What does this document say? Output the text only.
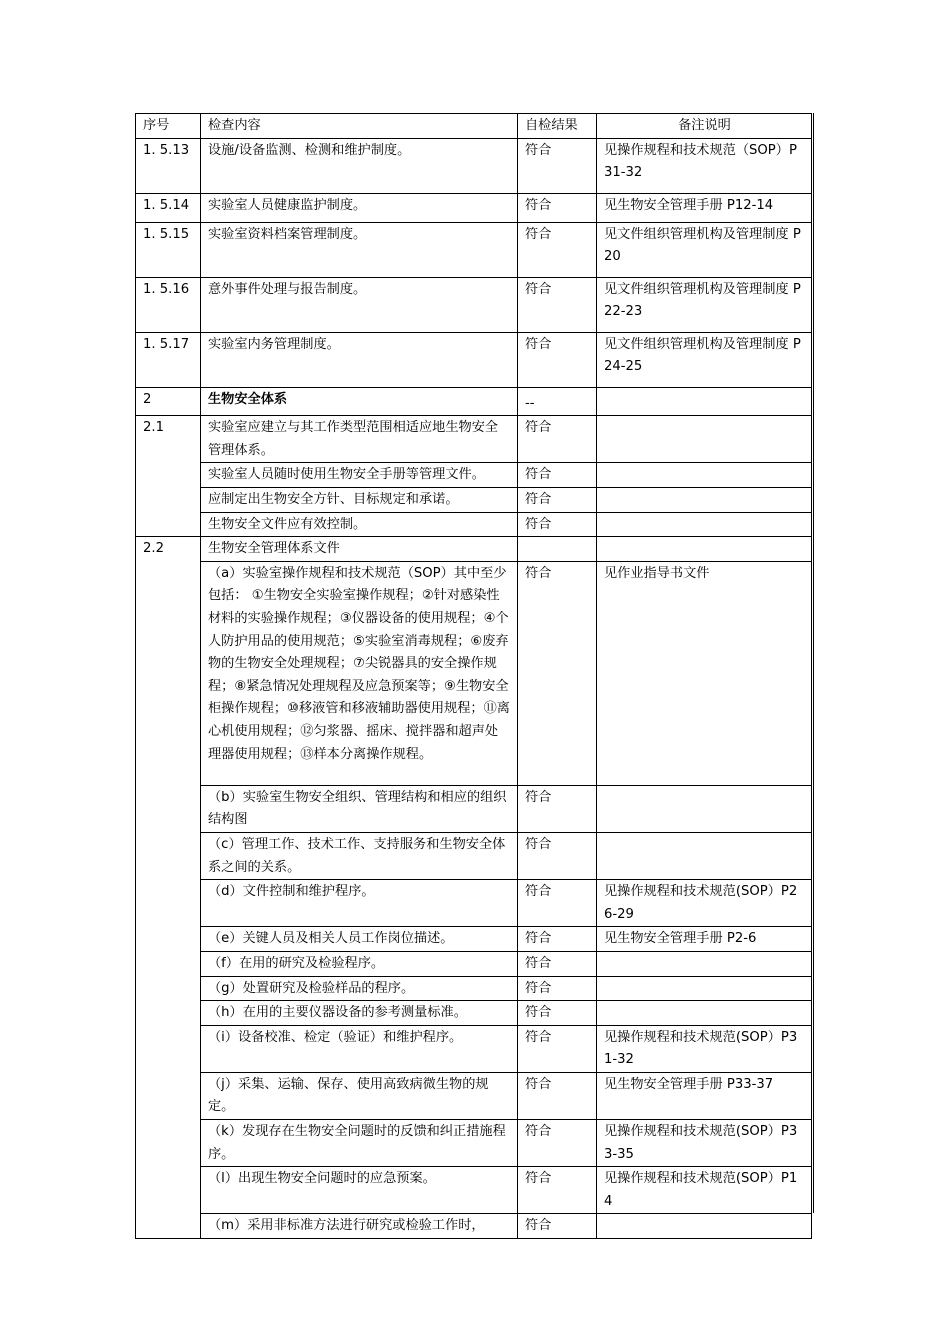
序号	检查内容	自检结果	备注说明
1. 5.13	设施/设备监测、检测和维护制度。	符合	见操作规程和技术规范（SOP）P31-32
1. 5.14	实验室人员健康监护制度。	符合	见生物安全管理手册 P12-14
1. 5.15	实验室资料档案管理制度。	符合	见文件组织管理机构及管理制度 P20
1. 5.16	意外事件处理与报告制度。	符合	见文件组织管理机构及管理制度 P22-23
1. 5.17	实验室内务管理制度。	符合	见文件组织管理机构及管理制度 P24-25
2	生物安全体系	--	
2.1	实验室应建立与其工作类型范围相适应地生物安全管理体系。	符合	
	实验室人员随时使用生物安全手册等管理文件。	符合	
	应制定出生物安全方针、目标规定和承诺。	符合	
	生物安全文件应有效控制。	符合	
2.2	生物安全管理体系文件		
	（a）实验室操作规程和技术规范（SOP）其中至少包括： ①生物安全实验室操作规程；②针对感染性材料的实验操作规程；③仪器设备的使用规程；④个人防护用品的使用规范；⑤实验室消毒规程；⑥废弃物的生物安全处理规程；⑦尖锐器具的安全操作规程；⑧紧急情况处理规程及应急预案等；⑨生物安全柜操作规程；⑩移液管和移液辅助器使用规程；⑪离心机使用规程；⑫匀浆器、摇床、搅拌器和超声处理器使用规程；⑬样本分离操作规程。	符合	见作业指导书文件
	（b）实验室生物安全组织、管理结构和相应的组织结构图	符合	
	（c）管理工作、技术工作、支持服务和生物安全体系之间的关系。	符合	
	（d）文件控制和维护程序。	符合	见操作规程和技术规范(SOP）P26-29
	（e）关键人员及相关人员工作岗位描述。	符合	见生物安全管理手册 P2-6
	（f）在用的研究及检验程序。	符合	
	（g）处置研究及检验样品的程序。	符合	
	（h）在用的主要仪器设备的参考测量标准。	符合	
	（i）设备校准、检定（验证）和维护程序。	符合	见操作规程和技术规范(SOP）P31-32
	（j）采集、运输、保存、使用高致病微生物的规定。	符合	见生物安全管理手册 P33-37
	（k）发现存在生物安全问题时的反馈和纠正措施程序。	符合	见操作规程和技术规范(SOP）P33-35
	（l）出现生物安全问题时的应急预案。	符合	见操作规程和技术规范(SOP）P14
	（m）采用非标准方法进行研究或检验工作时，	符合	
